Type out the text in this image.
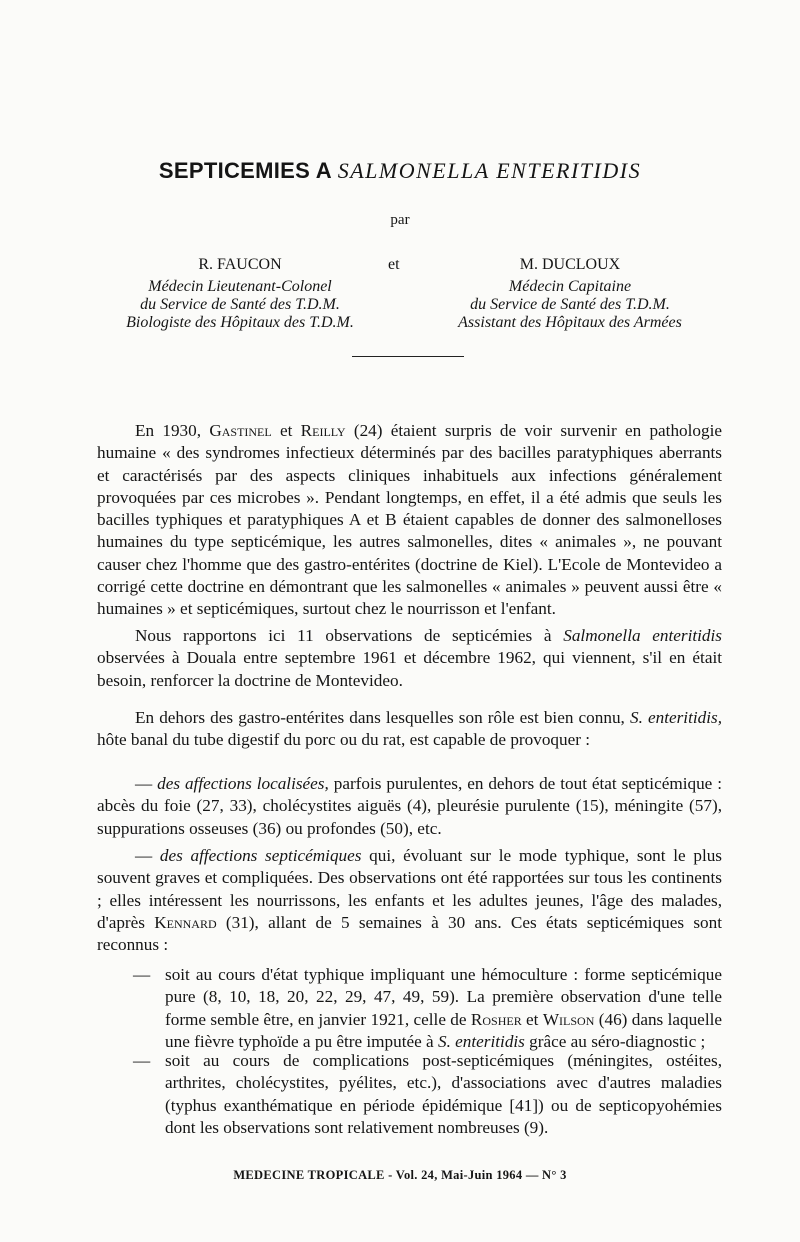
SEPTICEMIES A SALMONELLA ENTERITIDIS
par
R. FAUCON
Médecin Lieutenant-Colonel
du Service de Santé des T.D.M.
Biologiste des Hôpitaux des T.D.M.
et	M. DUCLOUX
Médecin Capitaine
du Service de Santé des T.D.M.
Assistant des Hôpitaux des Armées

En 1930, Gastinel et Reilly (24) étaient surpris de voir survenir en pathologie humaine « des syndromes infectieux déterminés par des bacilles paratyphiques aberrants et caractérisés par des aspects cliniques inhabituels aux infections généralement provoquées par ces microbes ». Pendant longtemps, en effet, il a été admis que seuls les bacilles typhiques et paratyphiques A et B étaient capables de donner des salmonelloses humaines du type septicémique, les autres salmonelles, dites « animales », ne pouvant causer chez l'homme que des gastro-entérites (doctrine de Kiel). L'Ecole de Montevideo a corrigé cette doctrine en démontrant que les salmonelles « animales » peuvent aussi être « humaines » et septicémiques, surtout chez le nourrisson et l'enfant.

Nous rapportons ici 11 observations de septicémies à Salmonella enteritidis observées à Douala entre septembre 1961 et décembre 1962, qui viennent, s'il en était besoin, renforcer la doctrine de Montevideo.

En dehors des gastro-entérites dans lesquelles son rôle est bien connu, S. enteritidis, hôte banal du tube digestif du porc ou du rat, est capable de provoquer :

— des affections localisées, parfois purulentes, en dehors de tout état septicémique : abcès du foie (27, 33), cholécystites aiguës (4), pleurésie purulente (15), méningite (57), suppurations osseuses (36) ou profondes (50), etc.

— des affections septicémiques qui, évoluant sur le mode typhique, sont le plus souvent graves et compliquées. Des observations ont été rapportées sur tous les continents ; elles intéressent les nourrissons, les enfants et les adultes jeunes, l'âge des malades, d'après Kennard (31), allant de 5 semaines à 30 ans. Ces états septicémiques sont reconnus :

— soit au cours d'état typhique impliquant une hémoculture : forme septicémique pure (8, 10, 18, 20, 22, 29, 47, 49, 59). La première observation d'une telle forme semble être, en janvier 1921, celle de Rosher et Wilson (46) dans laquelle une fièvre typhoïde a pu être imputée à S. enteritidis grâce au séro-diagnostic ;
— soit au cours de complications post-septicémiques (méningites, ostéites, arthrites, cholécystites, pyélites, etc.), d'associations avec d'autres maladies (typhus exanthématique en période épidémique [41]) ou de septicopyohémies dont les observations sont relativement nombreuses (9).
MEDECINE TROPICALE - Vol. 24, Mai-Juin 1964 — N° 3
